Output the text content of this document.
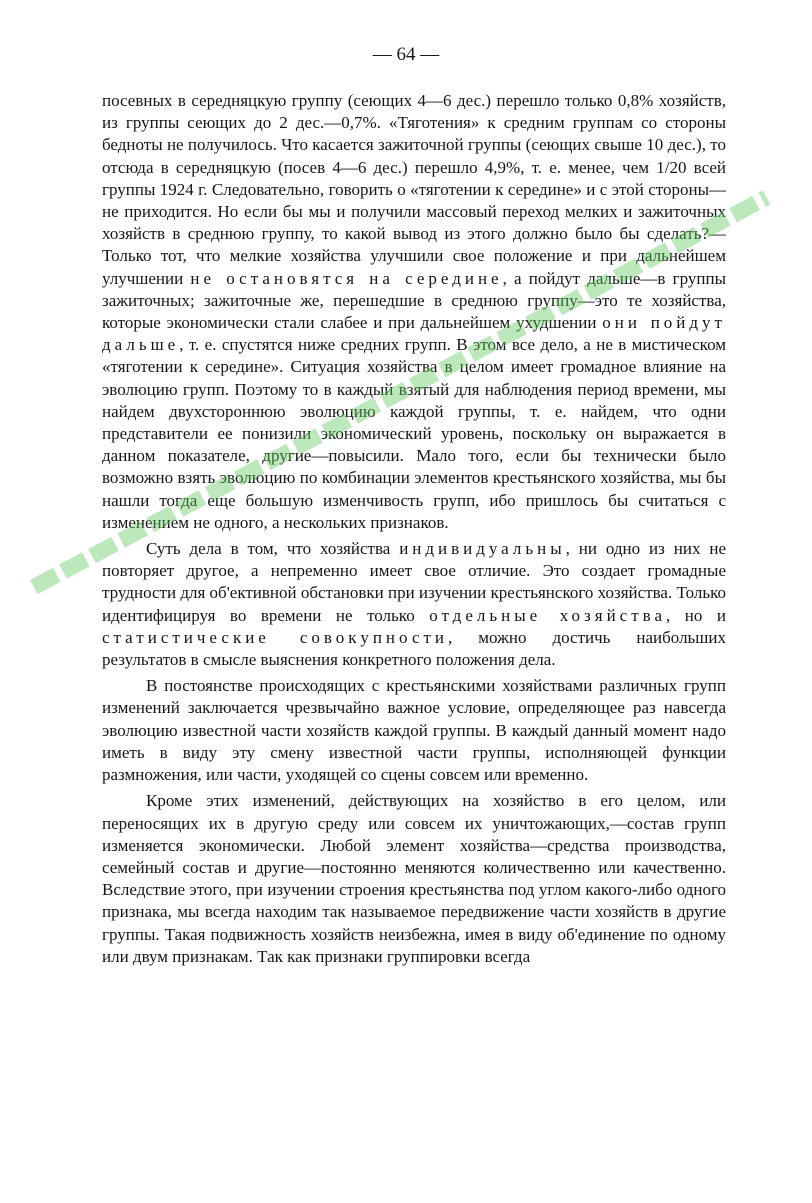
— 64 —

посевных в середняцкую группу (сеющих 4—6 дес.) перешло только 0,8% хозяйств, из группы сеющих до 2 дес.—0,7%. «Тяготения» к средним группам со стороны бедноты не получилось. Что касается зажиточной группы (сеющих свыше 10 дес.), то отсюда в середняцкую (посев 4—6 дес.) перешло 4,9%, т. е. менее, чем 1/20 всей группы 1924 г. Следовательно, говорить о «тяготении к середине» и с этой стороны—не приходится. Но если бы мы и получили массовый переход мелких и зажиточных хозяйств в среднюю группу, то какой вывод из этого должно было бы сделать?—Только тот, что мелкие хозяйства улучшили свое положение и при дальнейшем улучшении не остановятся на середине, а пойдут дальше—в группы зажиточных; зажиточные же, перешедшие в среднюю группу—это те хозяйства, которые экономически стали слабее и при дальнейшем ухудшении они пойдут дальше, т. е. спустятся ниже средних групп. В этом все дело, а не в мистическом «тяготении к середине». Ситуация хозяйства в целом имеет громадное влияние на эволюцию групп. Поэтому то в каждый взятый для наблюдения период времени, мы найдем двухстороннюю эволюцию каждой группы, т. е. найдем, что одни представители ее понизили экономический уровень, поскольку он выражается в данном показателе, другие—повысили. Мало того, если бы технически было возможно взять эволюцию по комбинации элементов крестьянского хозяйства, мы бы нашли тогда еще большую изменчивость групп, ибо пришлось бы считаться с изменением не одного, а нескольких признаков.

Суть дела в том, что хозяйства индивидуальны, ни одно из них не повторяет другое, а непременно имеет свое отличие. Это создает громадные трудности для об'ективной обстановки при изучении крестьянского хозяйства. Только идентифицируя во времени не только отдельные хозяйства, но и статистические совокупности, можно достичь наибольших результатов в смысле выяснения конкретного положения дела.

В постоянстве происходящих с крестьянскими хозяйствами различных групп изменений заключается чрезвычайно важное условие, определяющее раз навсегда эволюцию известной части хозяйств каждой группы. В каждый данный момент надо иметь в виду эту смену известной части группы, исполняющей функции размножения, или части, уходящей со сцены совсем или временно.

Кроме этих изменений, действующих на хозяйство в его целом, или переносящих их в другую среду или совсем их уничтожающих,—состав групп изменяется экономически. Любой элемент хозяйства—средства производства, семейный состав и другие—постоянно меняются количественно или качественно. Вследствие этого, при изучении строения крестьянства под углом какого-либо одного признака, мы всегда находим так называемое передвижение части хозяйств в другие группы. Такая подвижность хозяйств неизбежна, имея в виду об'единение по одному или двум признакам. Так как признаки группировки всегда
